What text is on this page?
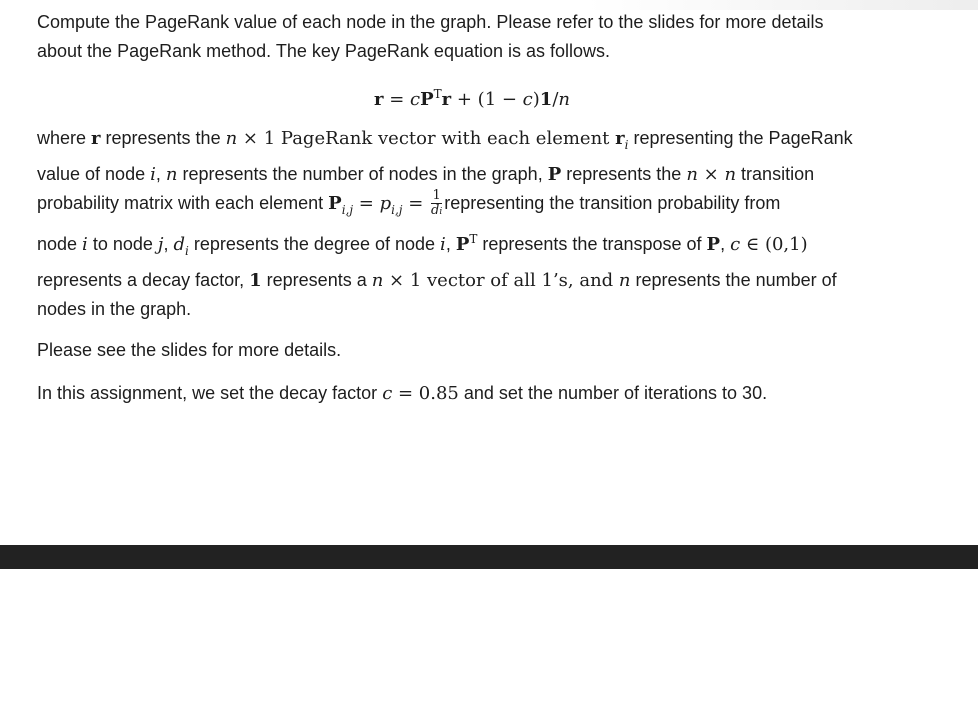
Compute the PageRank value of each node in the graph. Please refer to the slides for more details
about the PageRank method. The key PageRank equation is as follows.

$r = cP^Tr + (1 - c)1/n$

where r represents the n × 1 PageRank vector with each element $r_i$ representing the PageRank
value of node i, n represents the number of nodes in the graph, P represents the n × n transition
probability matrix with each element $P_{i,j} = p_{i,j} = \frac{1}{di}$ representing the transition probability from
node i to node j, $d_i$ represents the degree of node i, $P^T$ represents the transpose of P, c ∈ (0,1)
represents a decay factor, 1 represents a n × 1 vector of all 1’s, and n represents the number of
nodes in the graph.

Please see the slides for more details.

In this assignment, we set the decay factor c = 0.85 and set the number of iterations to 30.
